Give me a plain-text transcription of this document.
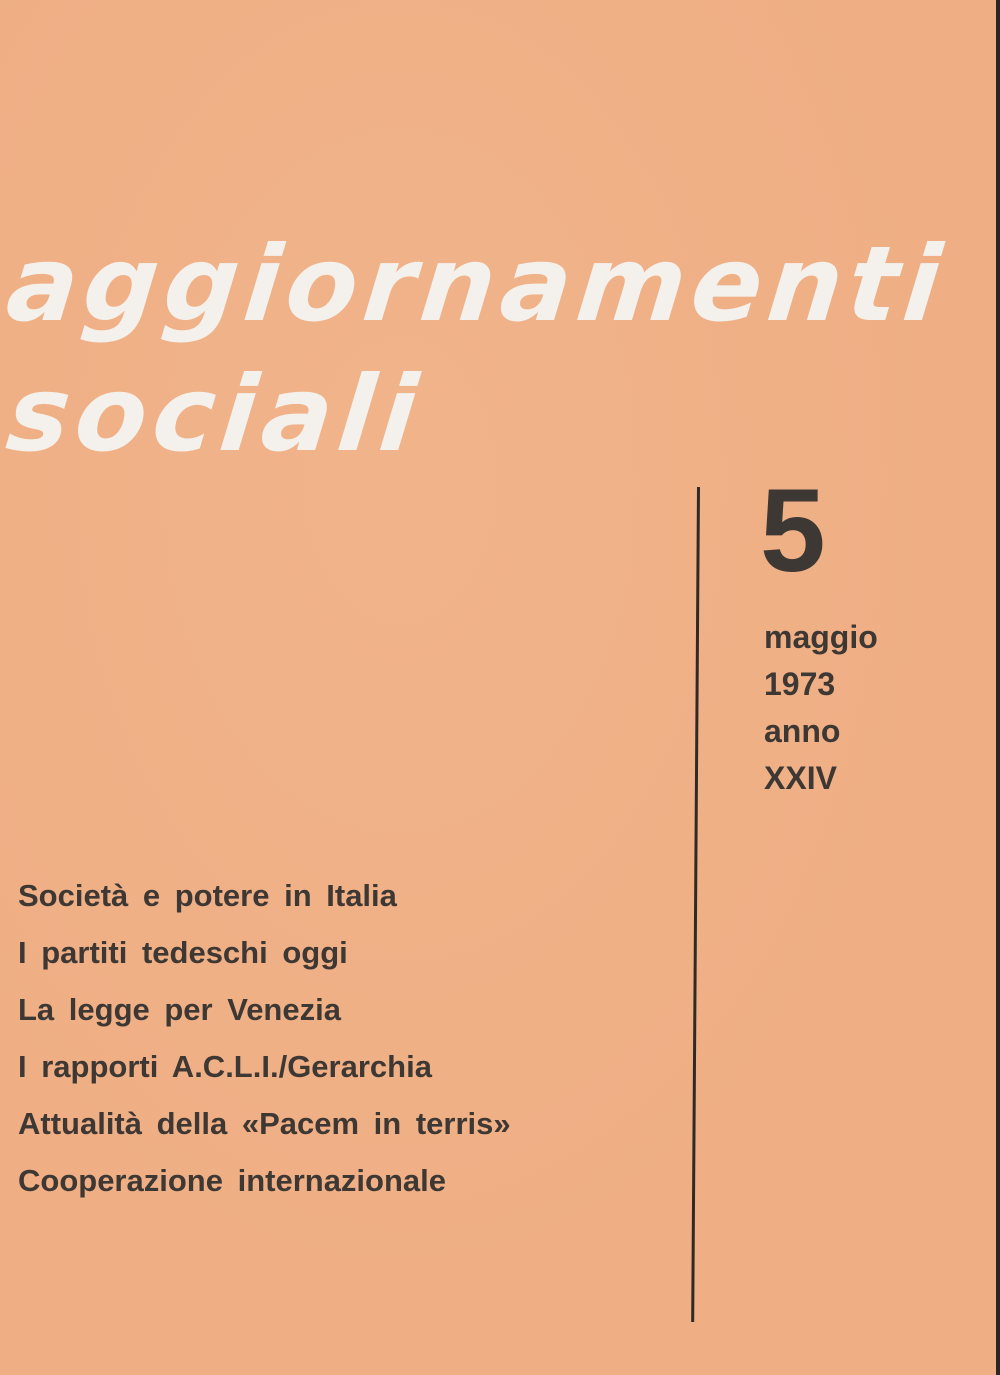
aggiornamenti
sociali
5
maggio
1973
anno
XXIV
Società e potere in Italia
I partiti tedeschi oggi
La legge per Venezia
I rapporti A.C.L.I./Gerarchia
Attualità della «Pacem in terris»
Cooperazione internazionale
